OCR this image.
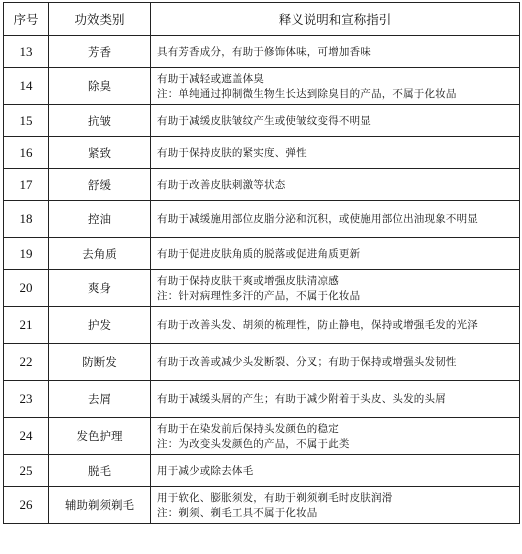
序号	功效类别	释义说明和宣称指引
13	芳香	具有芳香成分，有助于修饰体味，可增加香味

14	除臭	有助于减轻或遮盖体臭
注：单纯通过抑制微生物生长达到除臭目的产品，不属于化妆品

15	抗皱	有助于减缓皮肤皱纹产生或使皱纹变得不明显

16	紧致	有助于保持皮肤的紧实度、弹性

17	舒缓	有助于改善皮肤刺激等状态

18	控油	有助于减缓施用部位皮脂分泌和沉积，或使施用部位出油现象不明显

19	去角质	有助于促进皮肤角质的脱落或促进角质更新

20	爽身	有助于保持皮肤干爽或增强皮肤清凉感
注：针对病理性多汗的产品，不属于化妆品

21	护发	有助于改善头发、胡须的梳理性，防止静电，保持或增强毛发的光泽

22	防断发	有助于改善或减少头发断裂、分叉；有助于保持或增强头发韧性

23	去屑	有助于减缓头屑的产生；有助于减少附着于头皮、头发的头屑

24	发色护理	有助于在染发前后保持头发颜色的稳定
注：为改变头发颜色的产品，不属于此类

25	脱毛	用于减少或除去体毛

26	辅助剃须剃毛	用于软化、膨胀须发，有助于剃须剃毛时皮肤润滑
注：剃须、剃毛工具不属于化妆品
